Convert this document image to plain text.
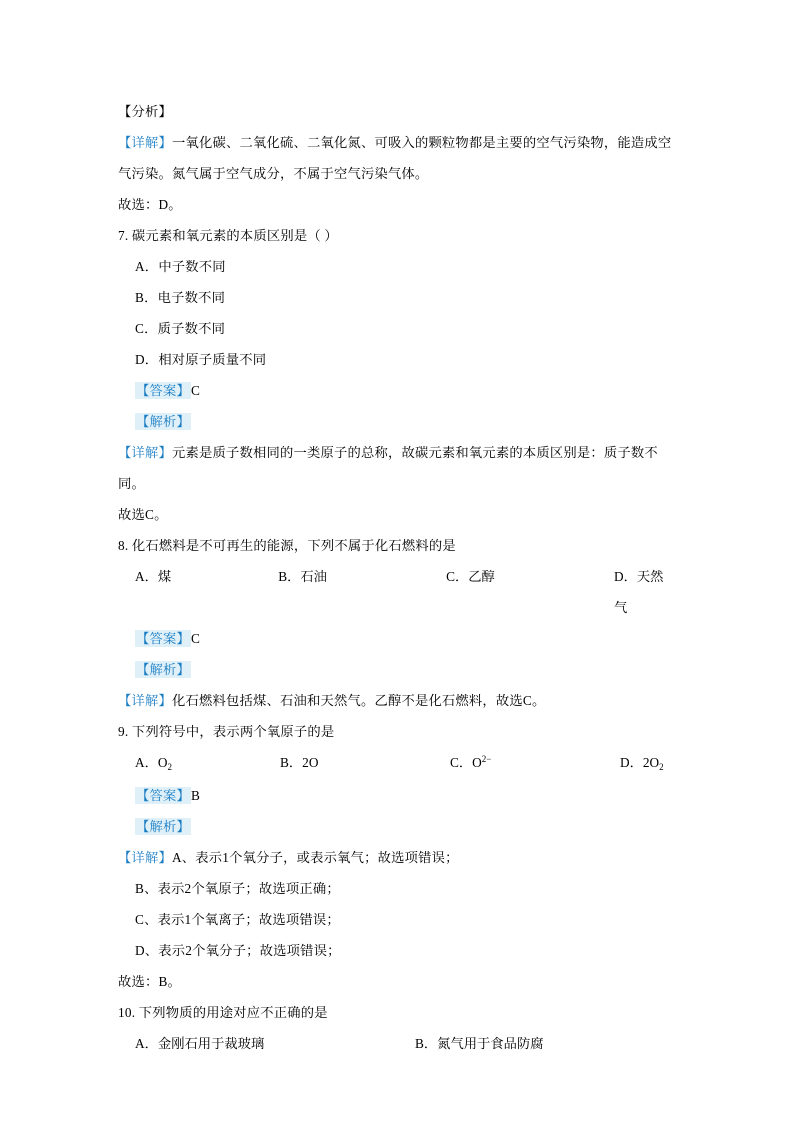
【分析】

【详解】一氧化碳、二氧化硫、二氧化氮、可吸入的颗粒物都是主要的空气污染物，能造成空气污染。氮气属于空气成分，不属于空气污染气体。

故选：D。

7. 碳元素和氧元素的本质区别是（ ）

A．中子数不同

B．电子数不同

C．质子数不同

D．相对原子质量不同

【答案】C

【解析】

【详解】元素是质子数相同的一类原子的总称，故碳元素和氧元素的本质区别是：质子数不同。

故选C。

8. 化石燃料是不可再生的能源，下列不属于化石燃料的是

A．煤	B．石油	C．乙醇	D．天然气

【答案】C

【解析】

【详解】化石燃料包括煤、石油和天然气。乙醇不是化石燃料，故选C。

9. 下列符号中，表示两个氧原子的是

A．$O_2$	B．2O	C．$O^{2-}$	D．$2O_2$

【答案】B

【解析】

【详解】A、表示1个氧分子，或表示氧气；故选项错误；

B、表示2个氧原子；故选项正确；

C、表示1个氧离子；故选项错误；

D、表示2个氧分子；故选项错误；

故选：B。

10. 下列物质的用途对应不正确的是

A．金刚石用于裁玻璃	B．氮气用于食品防腐
